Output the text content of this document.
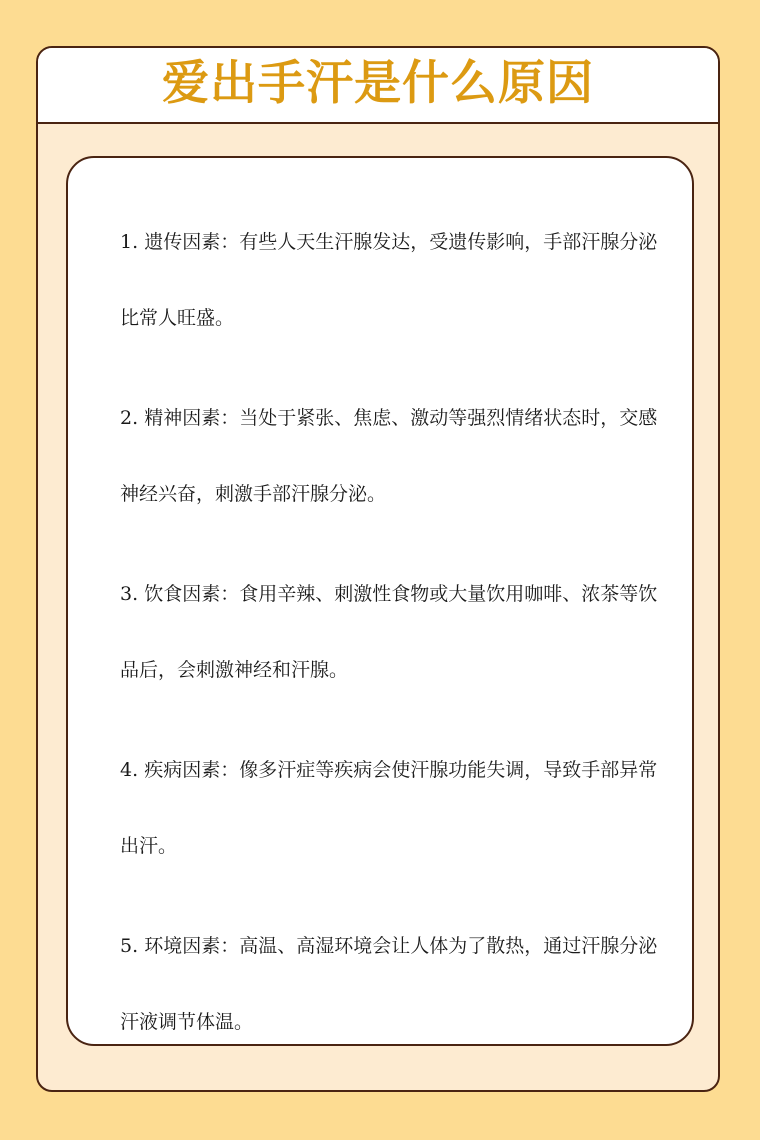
爱出手汗是什么原因

1. 遗传因素：有些人天生汗腺发达，受遗传影响，手部汗腺分泌比常人旺盛。

2. 精神因素：当处于紧张、焦虑、激动等强烈情绪状态时，交感神经兴奋，刺激手部汗腺分泌。

3. 饮食因素：食用辛辣、刺激性食物或大量饮用咖啡、浓茶等饮品后，会刺激神经和汗腺。

4. 疾病因素：像多汗症等疾病会使汗腺功能失调，导致手部异常出汗。

5. 环境因素：高温、高湿环境会让人体为了散热，通过汗腺分泌汗液调节体温。
